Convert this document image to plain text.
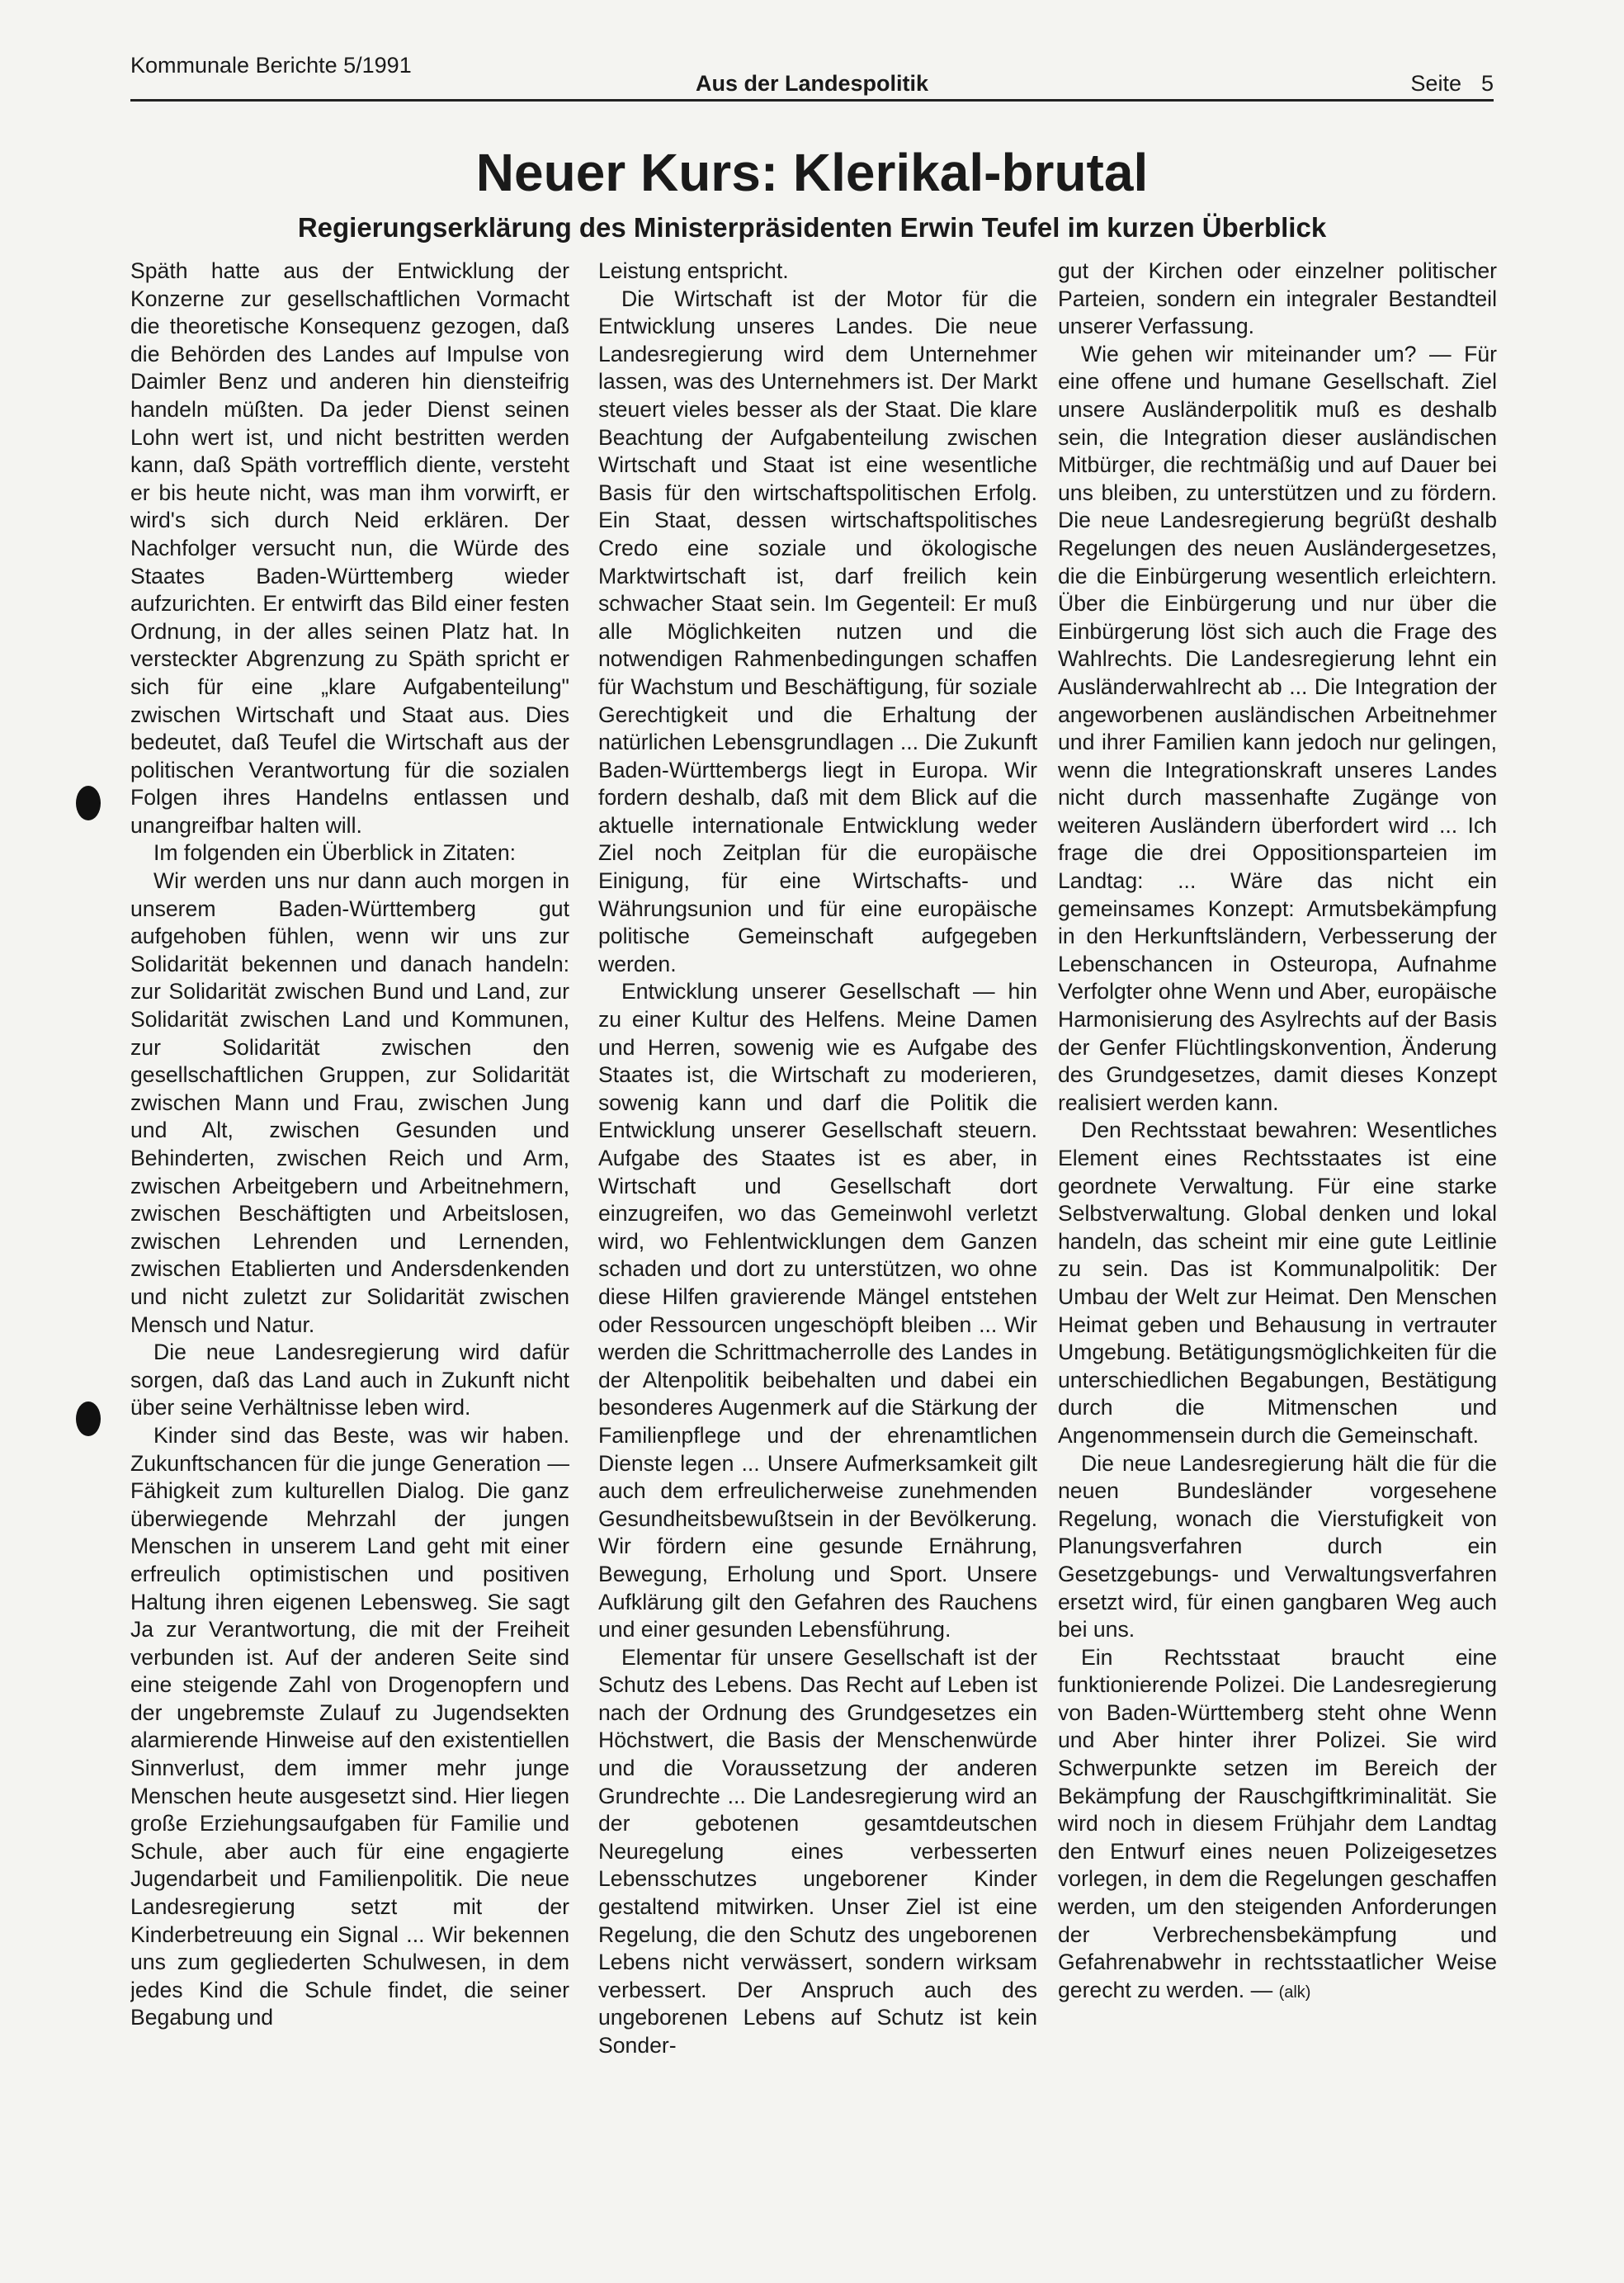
Kommunale Berichte 5/1991
Aus der Landespolitik	Seite 5
Neuer Kurs: Klerikal-brutal
Regierungserklärung des Ministerpräsidenten Erwin Teufel im kurzen Überblick

Späth hatte aus der Entwicklung der Konzerne zur gesellschaftlichen Vormacht die theoretische Konsequenz gezogen, daß die Behörden des Landes auf Impulse von Daimler Benz und anderen hin diensteifrig handeln müßten. Da jeder Dienst seinen Lohn wert ist, und nicht bestritten werden kann, daß Späth vortrefflich diente, versteht er bis heute nicht, was man ihm vorwirft, er wird's sich durch Neid erklären. Der Nachfolger versucht nun, die Würde des Staates Baden-Württemberg wieder aufzurichten. Er entwirft das Bild einer festen Ordnung, in der alles seinen Platz hat. In versteckter Abgrenzung zu Späth spricht er sich für eine „klare Aufgabenteilung" zwischen Wirtschaft und Staat aus. Dies bedeutet, daß Teufel die Wirtschaft aus der politischen Verantwortung für die sozialen Folgen ihres Handelns entlassen und unangreifbar halten will.

Im folgenden ein Überblick in Zitaten:

Wir werden uns nur dann auch morgen in unserem Baden-Württemberg gut aufgehoben fühlen, wenn wir uns zur Solidarität bekennen und danach handeln: zur Solidarität zwischen Bund und Land, zur Solidarität zwischen Land und Kommunen, zur Solidarität zwischen den gesellschaftlichen Gruppen, zur Solidarität zwischen Mann und Frau, zwischen Jung und Alt, zwischen Gesunden und Behinderten, zwischen Reich und Arm, zwischen Arbeitgebern und Arbeitnehmern, zwischen Beschäftigten und Arbeitslosen, zwischen Lehrenden und Lernenden, zwischen Etablierten und Andersdenkenden und nicht zuletzt zur Solidarität zwischen Mensch und Natur.

Die neue Landesregierung wird dafür sorgen, daß das Land auch in Zukunft nicht über seine Verhältnisse leben wird.

Kinder sind das Beste, was wir haben. Zukunftschancen für die junge Generation — Fähigkeit zum kulturellen Dialog. Die ganz überwiegende Mehrzahl der jungen Menschen in unserem Land geht mit einer erfreulich optimistischen und positiven Haltung ihren eigenen Lebensweg. Sie sagt Ja zur Verantwortung, die mit der Freiheit verbunden ist. Auf der anderen Seite sind eine steigende Zahl von Drogenopfern und der ungebremste Zulauf zu Jugendsekten alarmierende Hinweise auf den existentiellen Sinnverlust, dem immer mehr junge Menschen heute ausgesetzt sind. Hier liegen große Erziehungsaufgaben für Familie und Schule, aber auch für eine engagierte Jugendarbeit und Familienpolitik. Die neue Landesregierung setzt mit der Kinderbetreuung ein Signal ... Wir bekennen uns zum gegliederten Schulwesen, in dem jedes Kind die Schule findet, die seiner Begabung und

Leistung entspricht.

Die Wirtschaft ist der Motor für die Entwicklung unseres Landes. Die neue Landesregierung wird dem Unternehmer lassen, was des Unternehmers ist. Der Markt steuert vieles besser als der Staat. Die klare Beachtung der Aufgabenteilung zwischen Wirtschaft und Staat ist eine wesentliche Basis für den wirtschaftspolitischen Erfolg. Ein Staat, dessen wirtschaftspolitisches Credo eine soziale und ökologische Marktwirtschaft ist, darf freilich kein schwacher Staat sein. Im Gegenteil: Er muß alle Möglichkeiten nutzen und die notwendigen Rahmenbedingungen schaffen für Wachstum und Beschäftigung, für soziale Gerechtigkeit und die Erhaltung der natürlichen Lebensgrundlagen ... Die Zukunft Baden-Württembergs liegt in Europa. Wir fordern deshalb, daß mit dem Blick auf die aktuelle internationale Entwicklung weder Ziel noch Zeitplan für die europäische Einigung, für eine Wirtschafts- und Währungsunion und für eine europäische politische Gemeinschaft aufgegeben werden.

Entwicklung unserer Gesellschaft — hin zu einer Kultur des Helfens. Meine Damen und Herren, sowenig wie es Aufgabe des Staates ist, die Wirtschaft zu moderieren, sowenig kann und darf die Politik die Entwicklung unserer Gesellschaft steuern. Aufgabe des Staates ist es aber, in Wirtschaft und Gesellschaft dort einzugreifen, wo das Gemeinwohl verletzt wird, wo Fehlentwicklungen dem Ganzen schaden und dort zu unterstützen, wo ohne diese Hilfen gravierende Mängel entstehen oder Ressourcen ungeschöpft bleiben ... Wir werden die Schrittmacherrolle des Landes in der Altenpolitik beibehalten und dabei ein besonderes Augenmerk auf die Stärkung der Familienpflege und der ehrenamtlichen Dienste legen ... Unsere Aufmerksamkeit gilt auch dem erfreulicherweise zunehmenden Gesundheitsbewußtsein in der Bevölkerung. Wir fördern eine gesunde Ernährung, Bewegung, Erholung und Sport. Unsere Aufklärung gilt den Gefahren des Rauchens und einer gesunden Lebensführung.

Elementar für unsere Gesellschaft ist der Schutz des Lebens. Das Recht auf Leben ist nach der Ordnung des Grundgesetzes ein Höchstwert, die Basis der Menschenwürde und die Voraussetzung der anderen Grundrechte ... Die Landesregierung wird an der gebotenen gesamtdeutschen Neuregelung eines verbesserten Lebensschutzes ungeborener Kinder gestaltend mitwirken. Unser Ziel ist eine Regelung, die den Schutz des ungeborenen Lebens nicht verwässert, sondern wirksam verbessert. Der Anspruch auch des ungeborenen Lebens auf Schutz ist kein Sonder-

gut der Kirchen oder einzelner politischer Parteien, sondern ein integraler Bestandteil unserer Verfassung.

Wie gehen wir miteinander um? — Für eine offene und humane Gesellschaft. Ziel unsere Ausländerpolitik muß es deshalb sein, die Integration dieser ausländischen Mitbürger, die rechtmäßig und auf Dauer bei uns bleiben, zu unterstützen und zu fördern. Die neue Landesregierung begrüßt deshalb Regelungen des neuen Ausländergesetzes, die die Einbürgerung wesentlich erleichtern. Über die Einbürgerung und nur über die Einbürgerung löst sich auch die Frage des Wahlrechts. Die Landesregierung lehnt ein Ausländerwahlrecht ab ... Die Integration der angeworbenen ausländischen Arbeitnehmer und ihrer Familien kann jedoch nur gelingen, wenn die Integrationskraft unseres Landes nicht durch massenhafte Zugänge von weiteren Ausländern überfordert wird ... Ich frage die drei Oppositionsparteien im Landtag: ... Wäre das nicht ein gemeinsames Konzept: Armutsbekämpfung in den Herkunftsländern, Verbesserung der Lebenschancen in Osteuropa, Aufnahme Verfolgter ohne Wenn und Aber, europäische Harmonisierung des Asylrechts auf der Basis der Genfer Flüchtlingskonvention, Änderung des Grundgesetzes, damit dieses Konzept realisiert werden kann.

Den Rechtsstaat bewahren: Wesentliches Element eines Rechtsstaates ist eine geordnete Verwaltung. Für eine starke Selbstverwaltung. Global denken und lokal handeln, das scheint mir eine gute Leitlinie zu sein. Das ist Kommunalpolitik: Der Umbau der Welt zur Heimat. Den Menschen Heimat geben und Behausung in vertrauter Umgebung. Betätigungsmöglichkeiten für die unterschiedlichen Begabungen, Bestätigung durch die Mitmenschen und Angenommensein durch die Gemeinschaft.

Die neue Landesregierung hält die für die neuen Bundesländer vorgesehene Regelung, wonach die Vierstufigkeit von Planungsverfahren durch ein Gesetzgebungs- und Verwaltungsverfahren ersetzt wird, für einen gangbaren Weg auch bei uns.

Ein Rechtsstaat braucht eine funktionierende Polizei. Die Landesregierung von Baden-Württemberg steht ohne Wenn und Aber hinter ihrer Polizei. Sie wird Schwerpunkte setzen im Bereich der Bekämpfung der Rauschgiftkriminalität. Sie wird noch in diesem Frühjahr dem Landtag den Entwurf eines neuen Polizeigesetzes vorlegen, in dem die Regelungen geschaffen werden, um den steigenden Anforderungen der Verbrechensbekämpfung und Gefahrenabwehr in rechtsstaatlicher Weise gerecht zu werden. — (alk)
